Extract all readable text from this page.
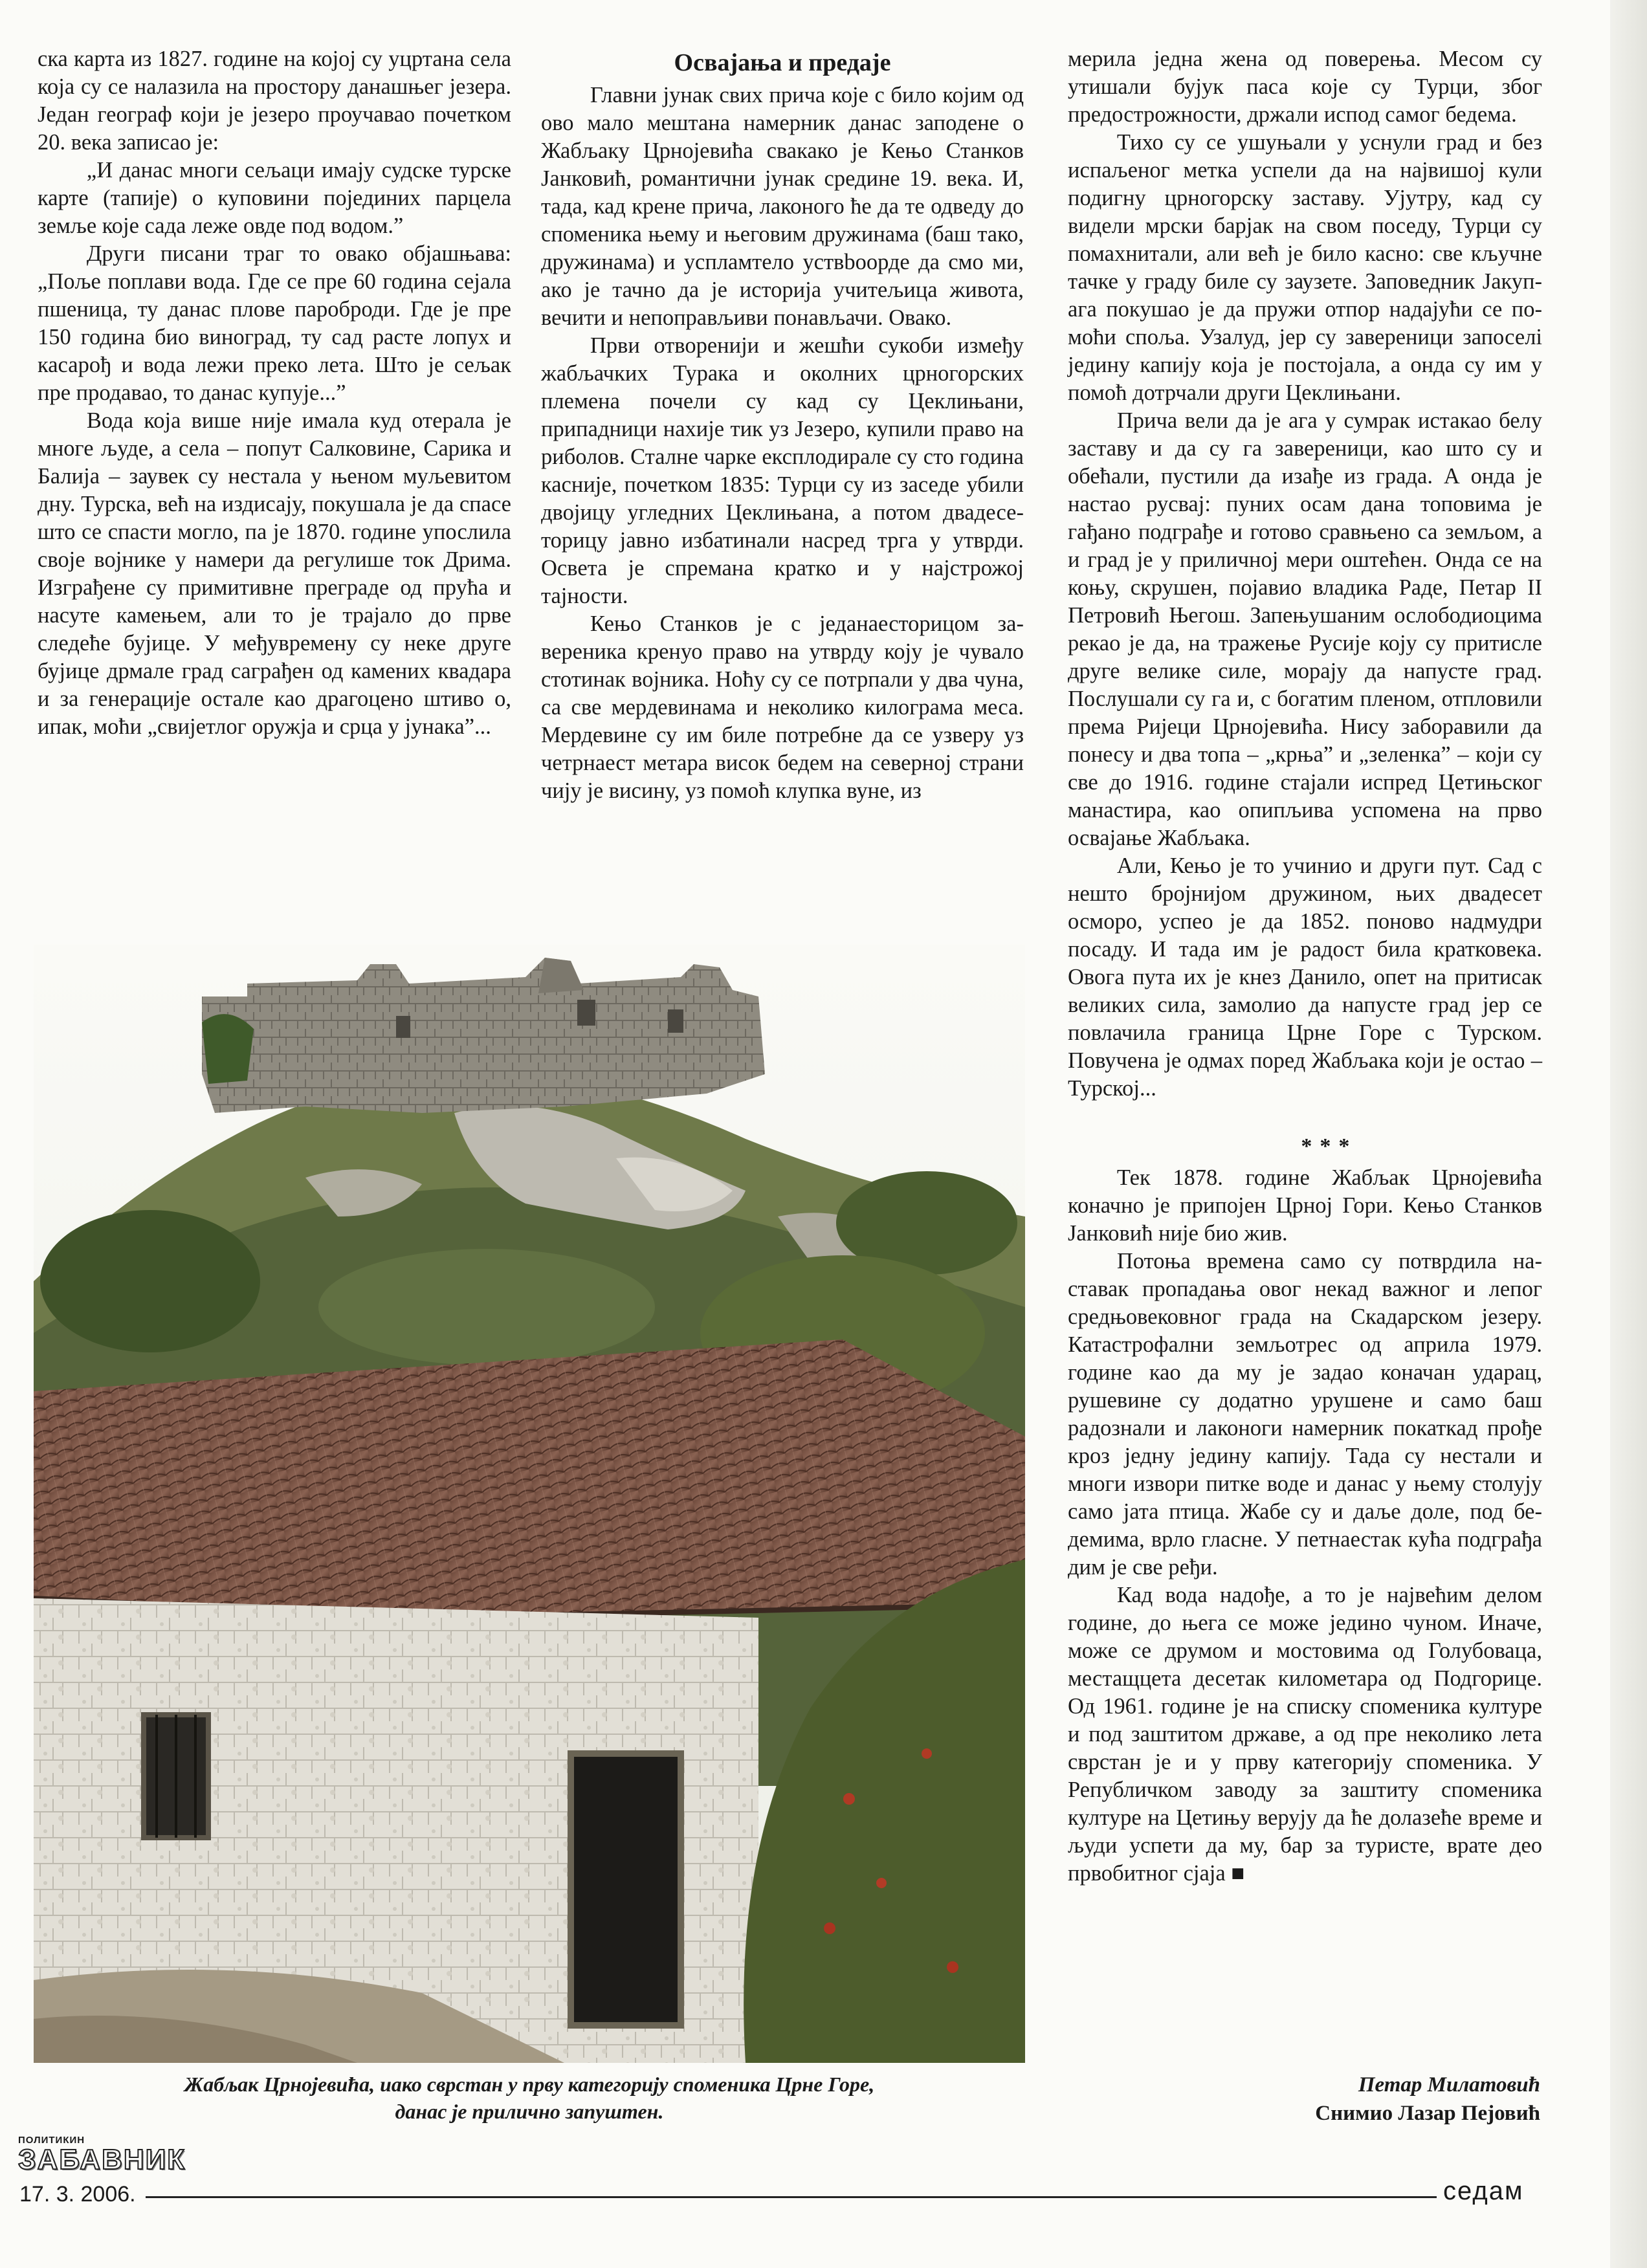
ска карта из 1827. године на којој су уцртана села која су се налазила на простору данашњег језера. Један географ који је језеро проучавао почетком 20. века записао је:

„И данас многи сељаци имају судске турске карте (тапије) о куповини појединих парцела земље које сада леже овде под водом.”

Други писани траг то овако објашњава: „Поље поплави вода. Где се пре 60 година сејала пшеница, ту данас плове пароброди. Где је пре 150 година био виноград, ту сад расте лопух и касарођ и вода лежи преко лета. Што је сељак пре продавао, то данас купује...”

Вода која више није имала куд отерала је многе људе, а села – попут Салковине, Сарика и Балија – заувек су нестала у њеном муљевитом дну. Турска, већ на издисају, покушала је да спасе што се спасти могло, па је 1870. године упослила своје војнике у намери да регулише ток Дрима. Изграђене су примитивне преграде од прућа и насуте камењем, али то је трајало до прве следеће бујице. У међувремену су неке друге бујице дрмале град саграђен од камених квадара и за генерације остале као драгоцено штиво о, ипак, моћи „свијетлог оружја и срца у јунака”...

Освајања и предаје

Главни јунак свих прича које с било којим од ово мало мештана намерник данас заподене о Жабљаку Црнојевића свакако је Кењо Станков Јанковић, романтични јунак средине 19. века. И, тада, кад крене прича, лаконого ће да те одведу до споменика њему и његовим дружинама (баш тако, дружинама) и успламтело уствbooрде да смо ми, ако је тачно да је историја учитељица живота, вечити и непоправљиви понављачи. Овако.

Први отворенији и жешћи сукоби између жабљачких Турака и околних црногорских племена почели су кад су Цеклињани, припадници нахије тик уз Језеро, купили право на риболов. Сталне чарке експлодирале су сто година касније, почетком 1835: Турци су из заседе убили двојицу угледних Цеклињана, а потом двадесеторицу јавно избатинали насред трга у утврди. Освета је спремана кратко и у најстрожој тајности.

Кењо Станков је с једанаесторицом завереника кренуо право на утврду коју је чувало стотинак војника. Ноћу су се потрпали у два чуна, са све мердевинама и неколико килограма меса. Мердевине су им биле потребне да се узверу уз четрнаест метара висок бедем на северној страни чију је висину, уз помоћ клупка вуне, из

мерила једна жена од поверења. Месом су утишали бујук паса које су Турци, због предострожности, држали испод самог бедема.

Тихо су се ушуњали у уснули град и без испаљеног метка успели да на највишој кули подигну црногорску заставу. Ујутру, кад су видели мрски барјак на свом поседу, Турци су помахнитали, али већ је било касно: све кључне тачке у граду биле су заузете. Заповедник Јакуп-ага покушао је да пружи отпор надајући се помоћи споља. Узалуд, јер су завереници запоселi једину капију која је постојала, а онда су им у помоћ дотрчали други Цеклињани.

Прича вели да је ага у сумрак истакао белу заставу и да су га завереници, као што су и обећали, пустили да изађе из града. А онда је настао русвај: пуних осам дана топовима је гађано подграђе и готово сравњено са земљом, а и град је у приличној мери оштећен. Онда се на коњу, скрушен, појавио владика Раде, Петар II Петровић Његош. Запењушаним ослободиоцима рекао је да, на тражење Русије коју су притисле друге велике силе, морају да напусте град. Послушали су га и, с богатим пленом, отпловили према Ријеци Црнојевића. Нису заборaвили да понесу и два топа – „крња” и „зеленка” – који су све до 1916. године стајали испред Цетињског манастира, као опипљива успомена на прво освајање Жабљака.

Али, Кењо је то учинио и други пут. Сад с нешто бројнијом дружином, њих двадесет осморо, успео је да 1852. поново надмудри посаду. И тада им је радост била кратковека. Овога пута их је кнез Данило, опет на притисак великих сила, замолио да напусте град јер се повлачила граница Црне Горе с Турском. Повучена је одмах поред Жабљака који је остао – Турској...

***

Тек 1878. године Жабљак Црнојевића коначно је припојен Црној Гори. Кењо Станков Јанковић није био жив.

Потоња времена само су потврдила наставак пропадања овог некад важног и лепог средњовековног града на Скадарском језеру. Катастрофални земљотрес од априла 1979. године као да му је задао коначан ударац, рушевине су додатно урушене и само баш радознали и лаконоги намерник покаткад прође кроз једну једину капију. Тада су нестали и многи извори питке воде и данас у њему столују само јата птица. Жабе су и даље доле, под бедемима, врло гласне. У петнаестак кућа подграђа дим је све ређи.

Кад вода надође, а то је највећим делом године, до њега се може једино чуном. Иначе, може се друмом и мостовима од Голубоваца, местащцета десетак километара од Подгорице. Од 1961. године је на списку споменика културе и под заштитом државе, а од пре неколико лета сврстан је и у прву категорију споменика. У Републичком заводу за заштиту споменика културе на Цетињу верују да ће долазеће време и људи успети да му, бар за туристе, врате део првобитног сјаја ■

Жабљак Црнојевића, иако сврстан у прву категорију споменика Црне Горе,
данас је прилично запуштен.
Петар Милатовић
Снимио Лазар Пејовић
ПОЛИТИКИН
ЗАБАВНИК
17. 3. 2006.	седам
